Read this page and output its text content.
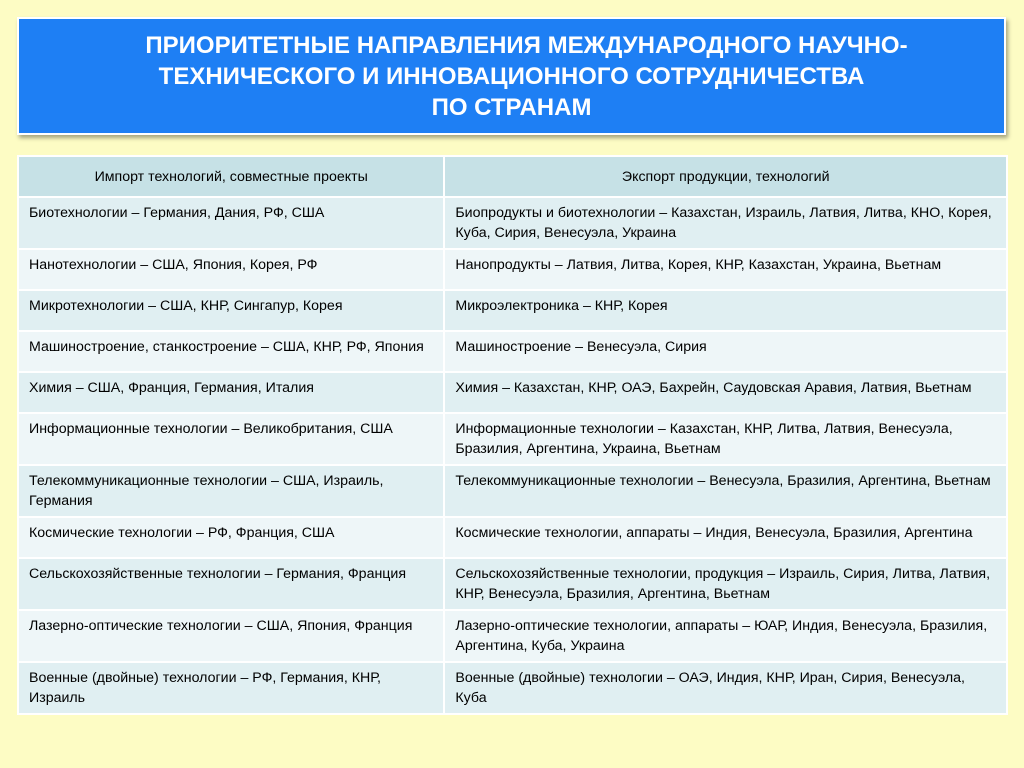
ПРИОРИТЕТНЫЕ НАПРАВЛЕНИЯ МЕЖДУНАРОДНОГО НАУЧНО-
ТЕХНИЧЕСКОГО И ИННОВАЦИОННОГО СОТРУДНИЧЕСТВА
ПО СТРАНАМ
Импорт технологий, совместные проекты	Экспорт продукции, технологий
Биотехнологии – Германия, Дания, РФ, США	Биопродукты и биотехнологии – Казахстан, Израиль, Латвия, Литва, КНО, Корея, Куба, Сирия, Венесуэла, Украина
Нанотехнологии – США, Япония, Корея, РФ	Нанопродукты – Латвия, Литва, Корея, КНР, Казахстан, Украина, Вьетнам
Микротехнологии – США, КНР, Сингапур, Корея	Микроэлектроника – КНР, Корея
Машиностроение, станкостроение – США, КНР, РФ, Япония	Машиностроение – Венесуэла, Сирия
Химия – США, Франция, Германия, Италия	Химия – Казахстан, КНР, ОАЭ, Бахрейн, Саудовская Аравия, Латвия, Вьетнам
Информационные технологии – Великобритания, США	Информационные технологии – Казахстан, КНР, Литва, Латвия, Венесуэла, Бразилия, Аргентина, Украина, Вьетнам
Телекоммуникационные технологии – США, Израиль, Германия	Телекоммуникационные технологии – Венесуэла, Бразилия, Аргентина, Вьетнам
Космические технологии – РФ, Франция, США	Космические технологии, аппараты – Индия, Венесуэла, Бразилия, Аргентина
Сельскохозяйственные технологии – Германия, Франция	Сельскохозяйственные технологии, продукция – Израиль, Сирия, Литва, Латвия, КНР, Венесуэла, Бразилия, Аргентина, Вьетнам
Лазерно-оптические технологии – США, Япония, Франция	Лазерно-оптические технологии, аппараты – ЮАР, Индия, Венесуэла, Бразилия, Аргентина, Куба, Украина
Военные (двойные) технологии – РФ, Германия, КНР, Израиль	Военные (двойные) технологии – ОАЭ, Индия, КНР, Иран, Сирия, Венесуэла, Куба
